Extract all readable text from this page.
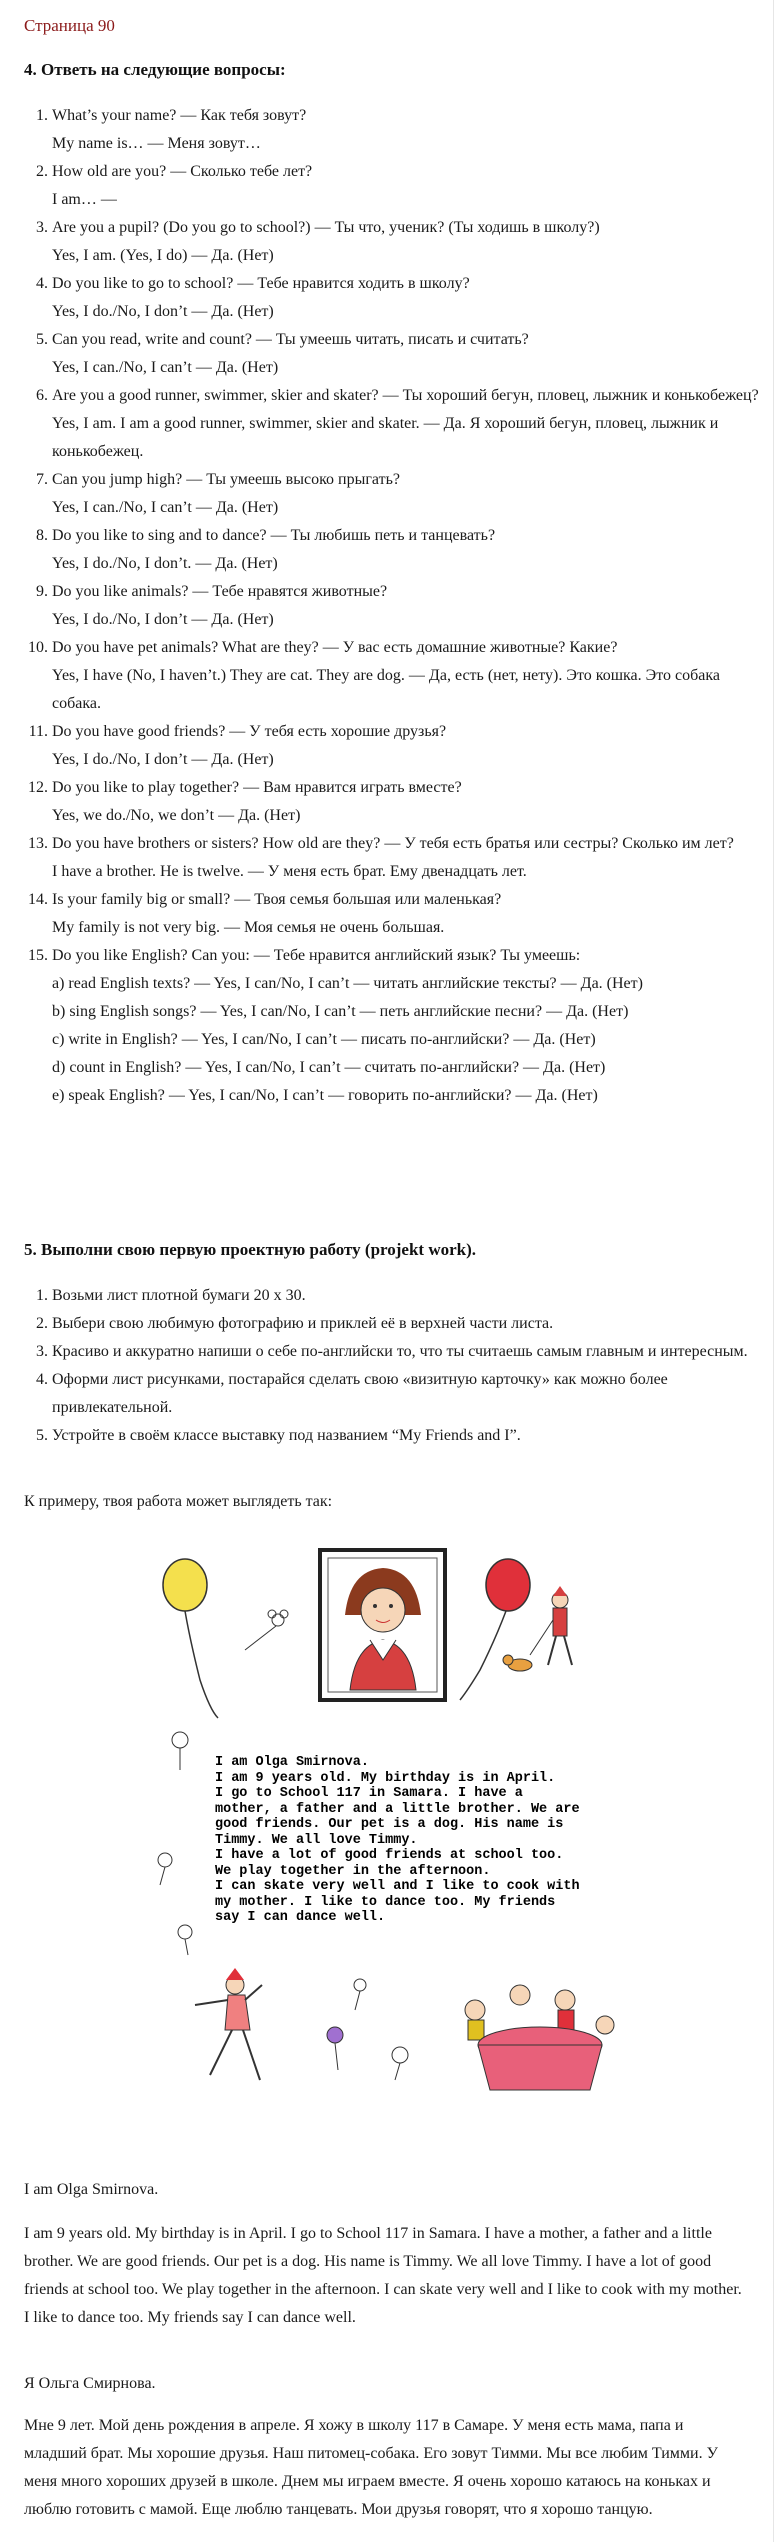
Страница 90
4. Ответь на следующие вопросы:
1. What’s your name? — Как тебя зовут?
My name is… — Меня зовут…
2. How old are you? — Сколько тебе лет?
I am… —
3. Are you a pupil? (Do you go to school?) — Ты что, ученик? (Ты ходишь в школу?)
Yes, I am. (Yes, I do) — Да. (Нет)
4. Do you like to go to school? — Тебе нравится ходить в школу?
Yes, I do./No, I don’t — Да. (Нет)
5. Can you read, write and count? — Ты умеешь читать, писать и считать?
Yes, I can./No, I can’t — Да. (Нет)
6. Are you a good runner, swimmer, skier and skater? — Ты хороший бегун, пловец, лыжник и конькобежец?
Yes, I am. I am a good runner, swimmer, skier and skater. — Да. Я хороший бегун, пловец, лыжник и конькобежец.
7. Can you jump high? — Ты умеешь высоко прыгать?
Yes, I can./No, I can’t — Да. (Нет)
8. Do you like to sing and to dance? — Ты любишь петь и танцевать?
Yes, I do./No, I don’t. — Да. (Нет)
9. Do you like animals? — Тебе нравятся животные?
Yes, I do./No, I don’t — Да. (Нет)
10. Do you have pet animals? What are they? — У вас есть домашние животные? Какие?
Yes, I have (No, I haven’t.) They are cat. They are dog. — Да, есть (нет, нету). Это кошка. Это собака собака.
11. Do you have good friends? — У тебя есть хорошие друзья?
Yes, I do./No, I don’t — Да. (Нет)
12. Do you like to play together? — Вам нравится играть вместе?
Yes, we do./No, we don’t — Да. (Нет)
13. Do you have brothers or sisters? How old are they? — У тебя есть братья или сестры? Сколько им лет?
I have a brother. He is twelve. — У меня есть брат. Ему двенадцать лет.
14. Is your family big or small? — Твоя семья большая или маленькая?
My family is not very big. — Моя семья не очень большая.
15. Do you like English? Can you: — Тебе нравится английский язык? Ты умеешь:
a) read English texts? — Yes, I can/No, I can’t — читать английские тексты? — Да. (Нет)
b) sing English songs? — Yes, I can/No, I can’t — петь английские песни? — Да. (Нет)
c) write in English? — Yes, I can/No, I can’t — писать по-английски? — Да. (Нет)
d) count in English? — Yes, I can/No, I can’t — считать по-английски? — Да. (Нет)
e) speak English? — Yes, I can/No, I can’t — говорить по-английски? — Да. (Нет)
5. Выполни свою первую проектную работу (projekt work).
1. Возьми лист плотной бумаги 20 х 30.
2. Выбери свою любимую фотографию и приклей её в верхней части листа.
3. Красиво и аккуратно напиши о себе по-английски то, что ты считаешь самым главным и интересным.
4. Оформи лист рисунками, постарайся сделать свою «визитную карточку» как можно более привлекательной.
5. Устройте в своём классе выставку под названием “My Friends and I”.
К примеру, твоя работа может выглядеть так:
I am Olga Smirnova.
I am 9 years old. My birthday is in April.
I go to School 117 in Samara. I have a
mother, a father and a little brother. We are
good friends. Our pet is a dog. His name is
Timmy. We all love Timmy.
I have a lot of good friends at school too.
We play together in the afternoon.
I can skate very well and I like to cook with
my mother. I like to dance too. My friends
say I can dance well.
I am Olga Smirnova.
I am 9 years old. My birthday is in April. I go to School 117 in Samara. I have a mother, a father and a little brother. We are good friends. Our pet is a dog. His name is Timmy. We all love Timmy. I have a lot of good friends at school too. We play together in the afternoon. I can skate very well and I like to cook with my mother. I like to dance too. My friends say I can dance well.
Я Ольга Смирнова.
Мне 9 лет. Мой день рождения в апреле. Я хожу в школу 117 в Самаре. У меня есть мама, папа и младший брат. Мы хорошие друзья. Наш питомец-собака. Его зовут Тимми. Мы все любим Тимми. У меня много хороших друзей в школе. Днем мы играем вместе. Я очень хорошо катаюсь на коньках и люблю готовить с мамой. Еще люблю танцевать. Мои друзья говорят, что я хорошо танцую.
